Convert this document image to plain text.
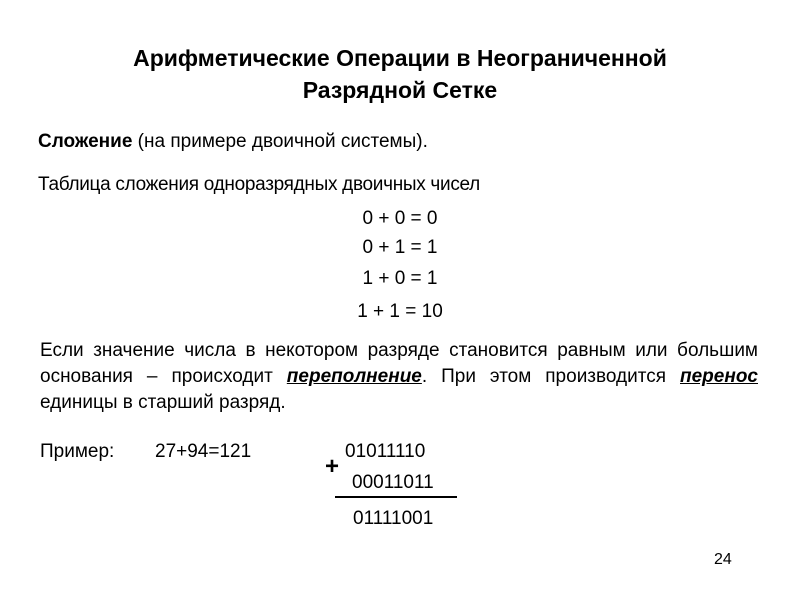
Арифметические Операции в Неограниченной
Разрядной Сетке
Сложение (на примере двоичной системы).
Таблица сложения одноразрядных двоичных чисел
0 + 0 = 0
0 + 1 = 1
1 + 0 = 1
1 + 1 = 10
Если значение числа в некотором разряде становится равным или большим основания – происходит переполнение. При этом производится перенос единицы в старший разряд.
Пример: 27+94=121	01011110
+
00011011
01111001
24
